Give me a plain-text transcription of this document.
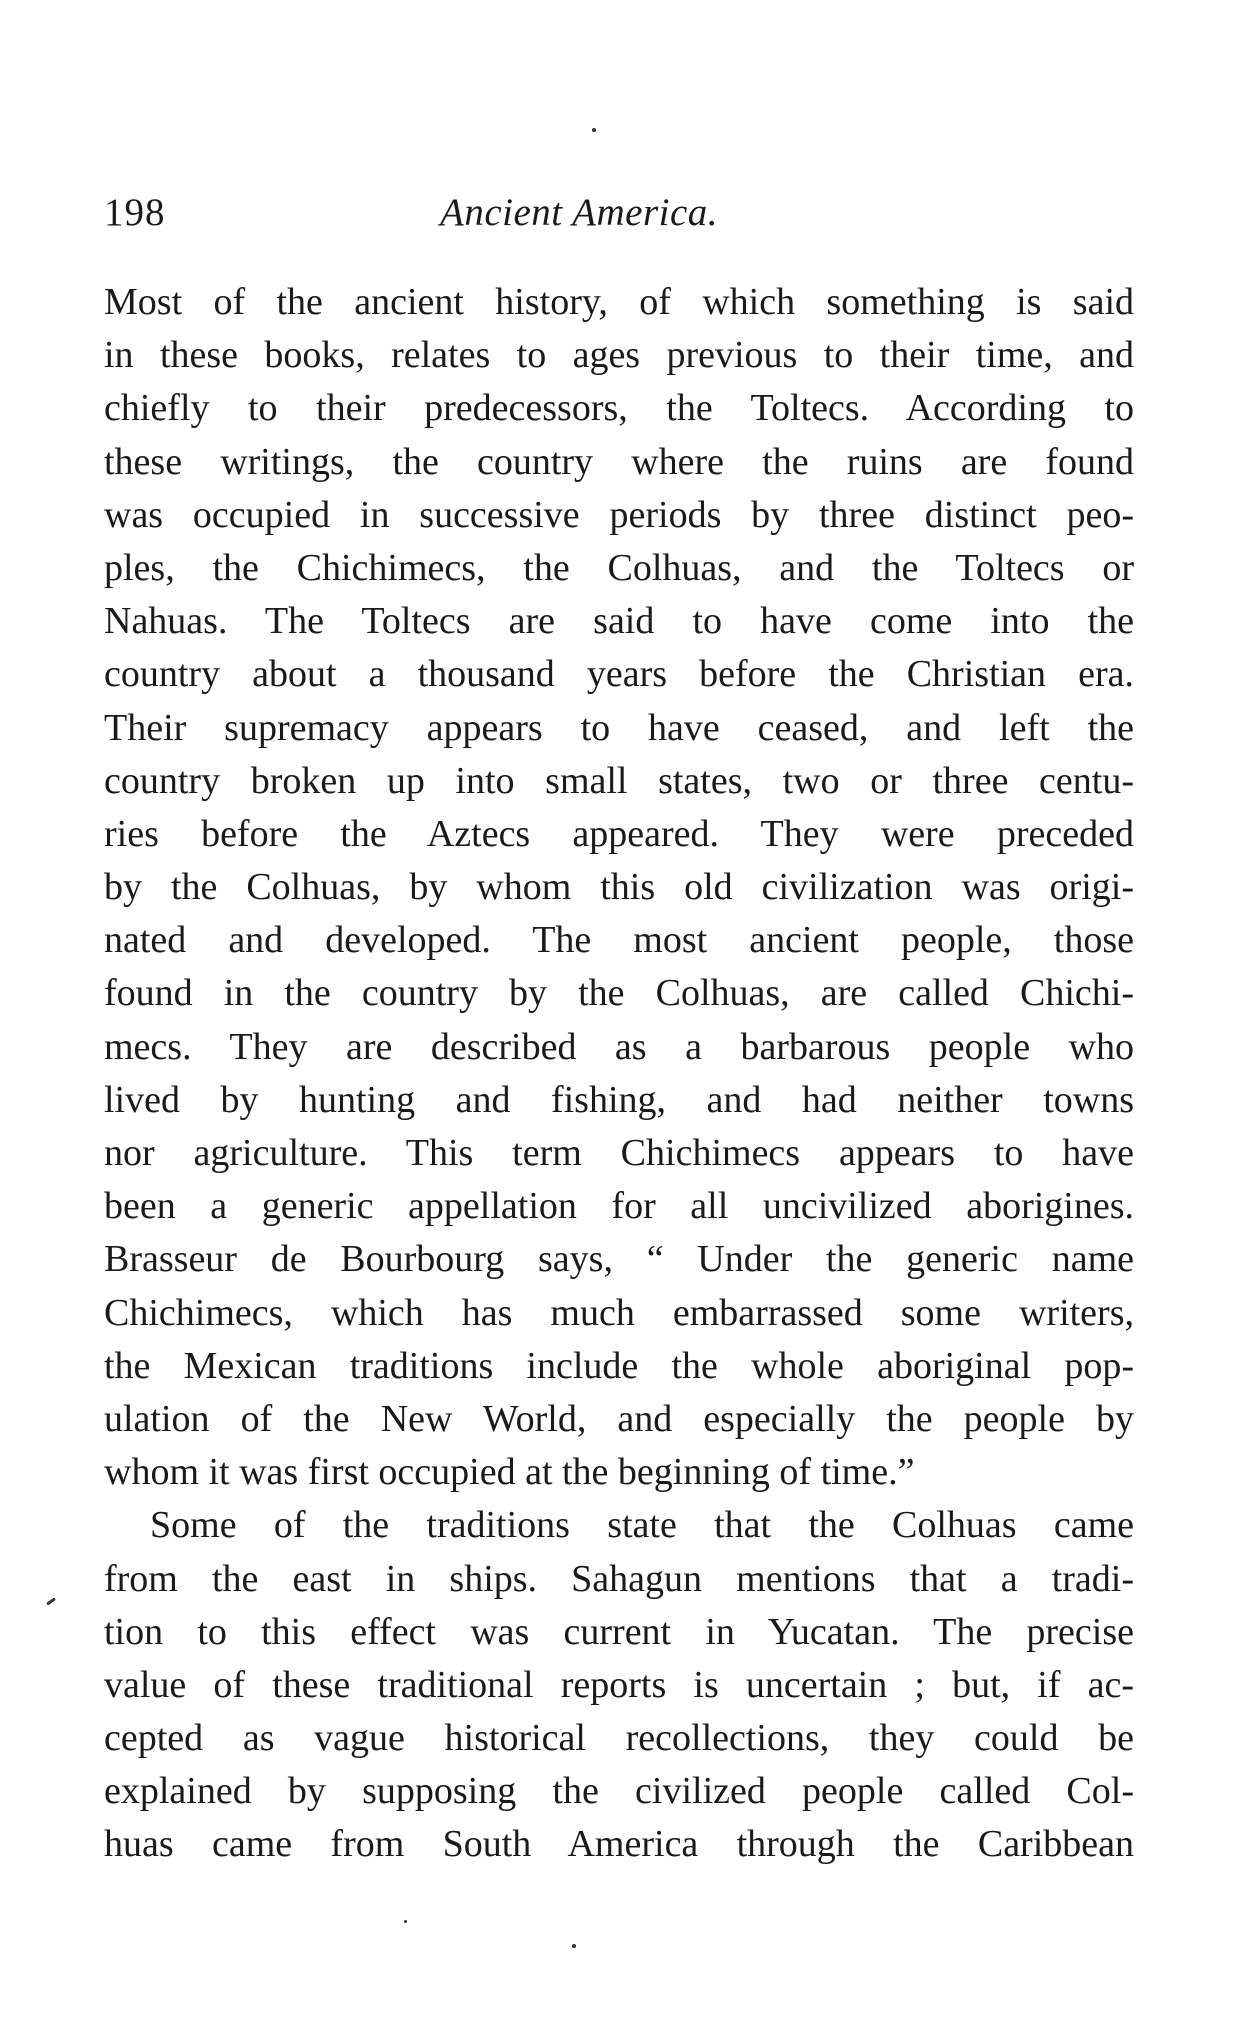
198	Ancient America.
Most of the ancient history, of which something is said
in these books, relates to ages previous to their time, and
chiefly to their predecessors, the Toltecs. According to
these writings, the country where the ruins are found
was occupied in successive periods by three distinct peo-
ples, the Chichimecs, the Colhuas, and the Toltecs or
Nahuas. The Toltecs are said to have come into the
country about a thousand years before the Christian era.
Their supremacy appears to have ceased, and left the
country broken up into small states, two or three centu-
ries before the Aztecs appeared. They were preceded
by the Colhuas, by whom this old civilization was origi-
nated and developed. The most ancient people, those
found in the country by the Colhuas, are called Chichi-
mecs. They are described as a barbarous people who
lived by hunting and fishing, and had neither towns
nor agriculture. This term Chichimecs appears to have
been a generic appellation for all uncivilized aborigines.
Brasseur de Bourbourg says, “ Under the generic name
Chichimecs, which has much embarrassed some writers,
the Mexican traditions include the whole aboriginal pop-
ulation of the New World, and especially the people by
whom it was first occupied at the beginning of time.”
Some of the traditions state that the Colhuas came
from the east in ships. Sahagun mentions that a tradi-
tion to this effect was current in Yucatan. The precise
value of these traditional reports is uncertain ; but, if ac-
cepted as vague historical recollections, they could be
explained by supposing the civilized people called Col-
huas came from South America through the Caribbean
